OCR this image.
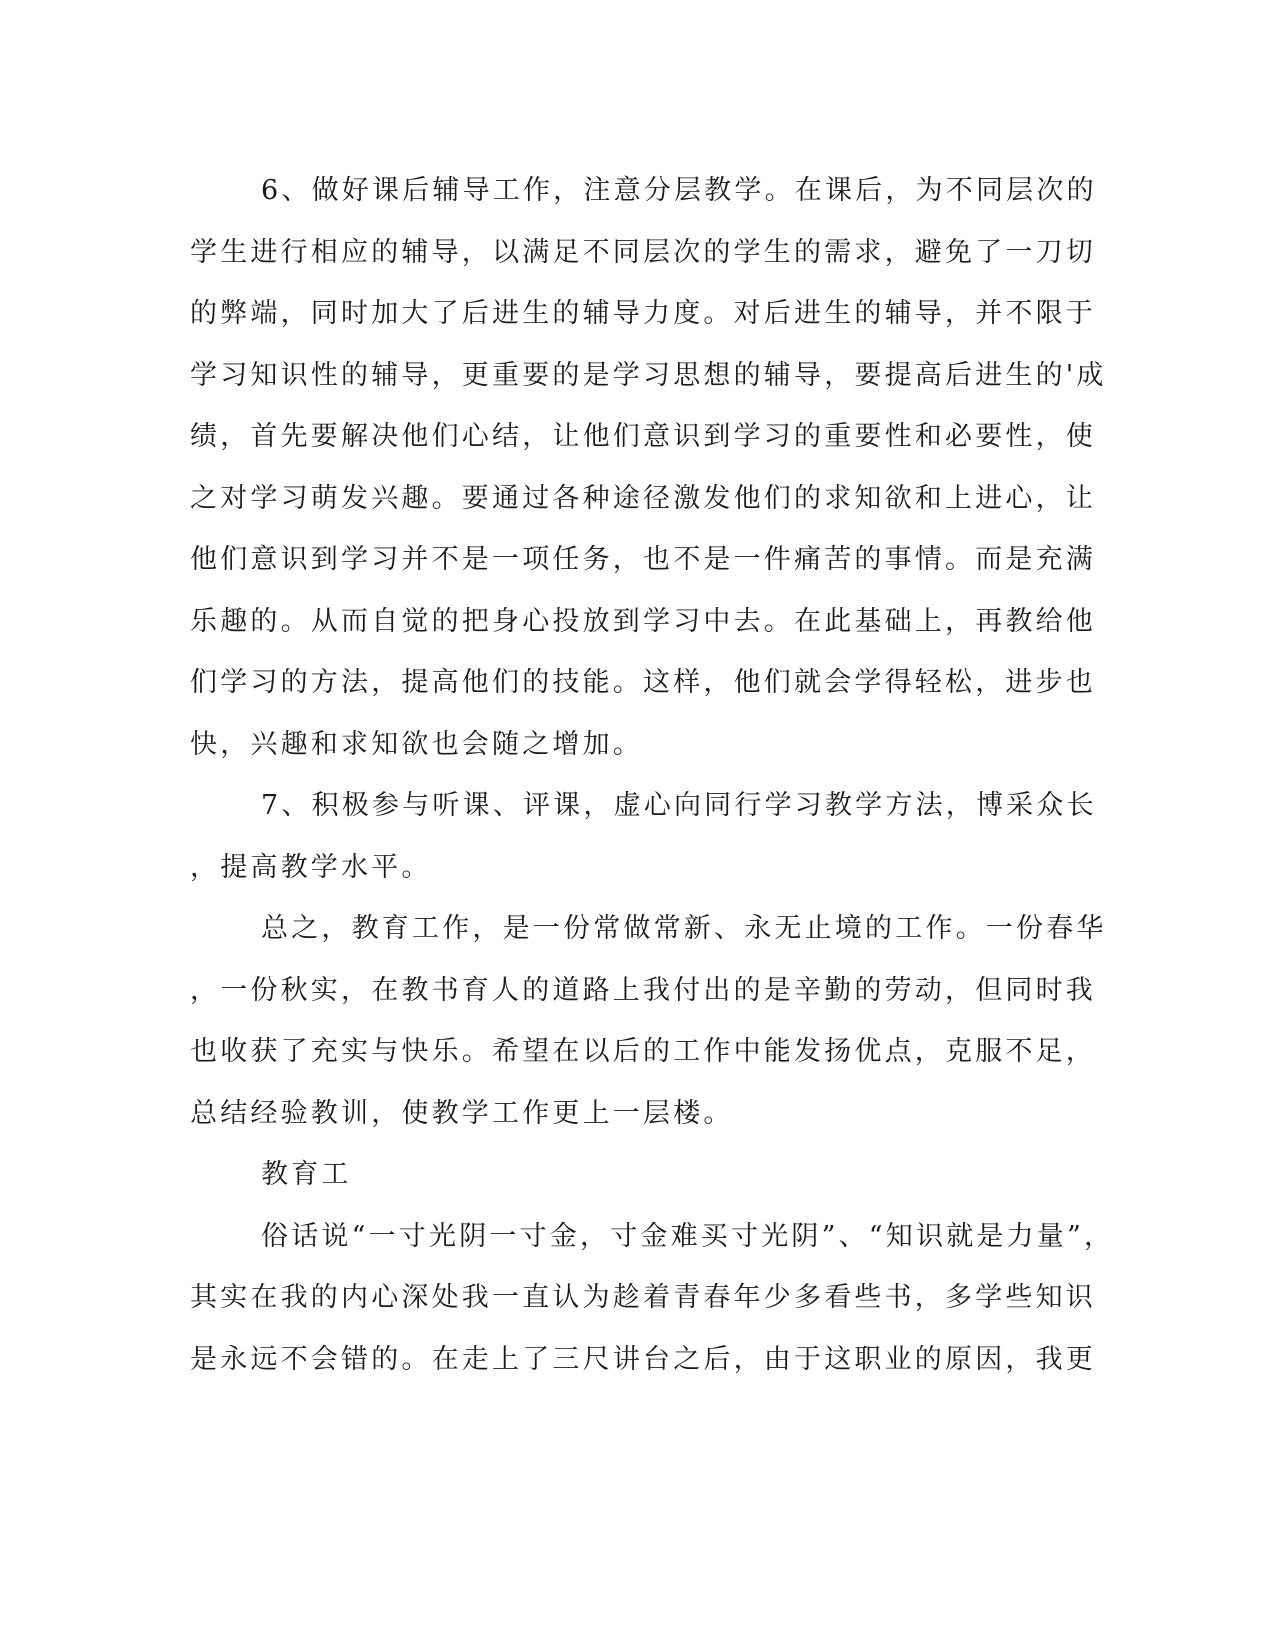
6、做好课后辅导工作，注意分层教学。在课后，为不同层次的
学生进行相应的辅导，以满足不同层次的学生的需求，避免了一刀切
的弊端，同时加大了后进生的辅导力度。对后进生的辅导，并不限于
学习知识性的辅导，更重要的是学习思想的辅导，要提高后进生的'成
绩，首先要解决他们心结，让他们意识到学习的重要性和必要性，使
之对学习萌发兴趣。要通过各种途径激发他们的求知欲和上进心，让
他们意识到学习并不是一项任务，也不是一件痛苦的事情。而是充满
乐趣的。从而自觉的把身心投放到学习中去。在此基础上，再教给他
们学习的方法，提高他们的技能。这样，他们就会学得轻松，进步也
快，兴趣和求知欲也会随之增加。
7、积极参与听课、评课，虚心向同行学习教学方法，博采众长
，提高教学水平。
总之，教育工作，是一份常做常新、永无止境的工作。一份春华
，一份秋实，在教书育人的道路上我付出的是辛勤的劳动，但同时我
也收获了充实与快乐。希望在以后的工作中能发扬优点，克服不足，
总结经验教训，使教学工作更上一层楼。
教育工
俗话说“一寸光阴一寸金，寸金难买寸光阴”、“知识就是力量”，
其实在我的内心深处我一直认为趁着青春年少多看些书，多学些知识
是永远不会错的。在走上了三尺讲台之后，由于这职业的原因，我更
